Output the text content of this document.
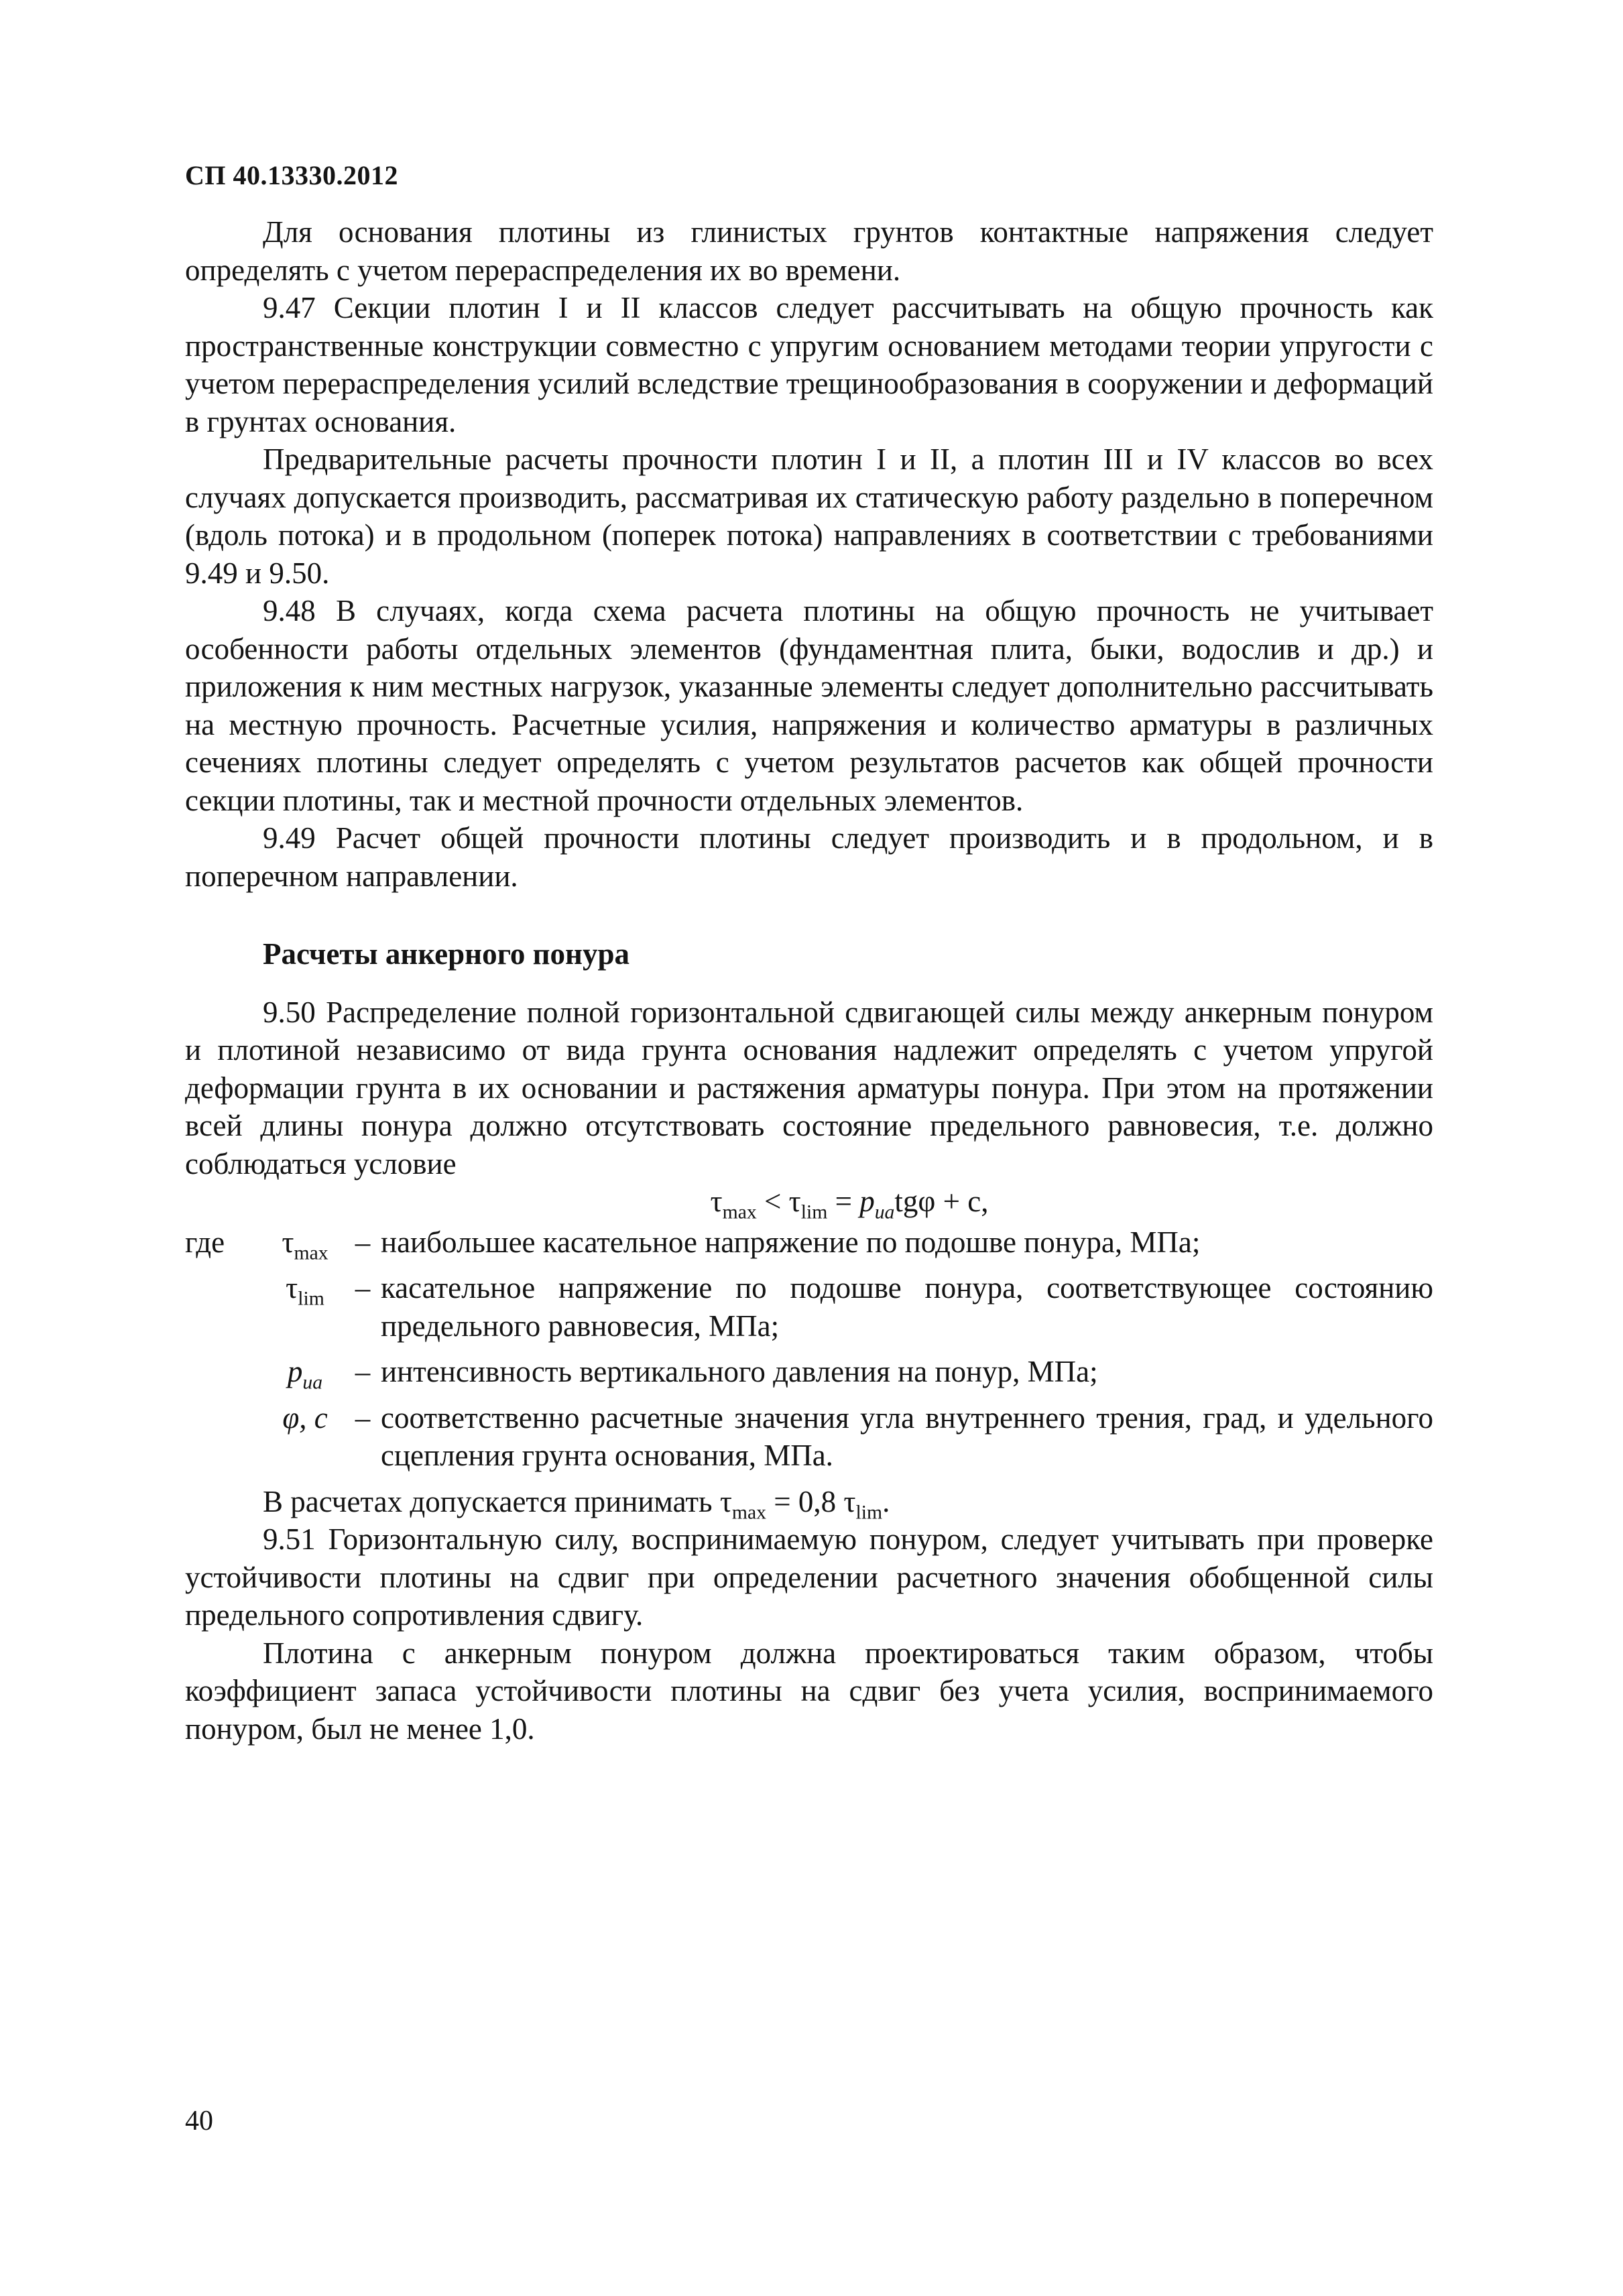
СП 40.13330.2012

Для основания плотины из глинистых грунтов контактные напряжения следует определять с учетом перераспределения их во времени.

9.47 Секции плотин I и II классов следует рассчитывать на общую прочность как пространственные конструкции совместно с упругим основанием методами теории упругости с учетом перераспределения усилий вследствие трещинообразования в сооружении и деформаций в грунтах основания.

Предварительные расчеты прочности плотин I и II, а плотин III и IV классов во всех случаях допускается производить, рассматривая их статическую работу раздельно в поперечном (вдоль потока) и в продольном (поперек потока) направлениях в соответствии с требованиями 9.49 и 9.50.

9.48 В случаях, когда схема расчета плотины на общую прочность не учитывает особенности работы отдельных элементов (фундаментная плита, быки, водослив и др.) и приложения к ним местных нагрузок, указанные элементы следует дополнительно рассчитывать на местную прочность. Расчетные усилия, напряжения и количество арматуры в различных сечениях плотины следует определять с учетом результатов расчетов как общей прочности секции плотины, так и местной прочности отдельных элементов.

9.49 Расчет общей прочности плотины следует производить и в продольном, и в поперечном направлении.

Расчеты анкерного понура

9.50 Распределение полной горизонтальной сдвигающей силы между анкерным понуром и плотиной независимо от вида грунта основания надлежит определять с учетом упругой деформации грунта в их основании и растяжения арматуры понура. При этом на протяжении всей длины понура должно отсутствовать состояние предельного равновесия, т.е. должно соблюдаться условие

$\tau_{max} < \tau_{lim} = p_{ua}tg\varphi + c$,

где	$\tau_{max}$ – наибольшее касательное напряжение по подошве понура, МПа;
$\tau_{lim}$	– касательное напряжение по подошве понура, соответствующее состоянию предельного равновесия, МПа;
$p_{ua}$	– интенсивность вертикального давления на понур, МПа;
φ, c – соответственно расчетные значения угла внутреннего трения, град, и удельного сцепления грунта основания, МПа.

В расчетах допускается принимать $\tau_{max} = 0,8$ $\tau_{lim}$.

9.51 Горизонтальную силу, воспринимаемую понуром, следует учитывать при проверке устойчивости плотины на сдвиг при определении расчетного значения обобщенной силы предельного сопротивления сдвигу.

Плотина с анкерным понуром должна проектироваться таким образом, чтобы коэффициент запаса устойчивости плотины на сдвиг без учета усилия, воспринимаемого понуром, был не менее 1,0.

40
